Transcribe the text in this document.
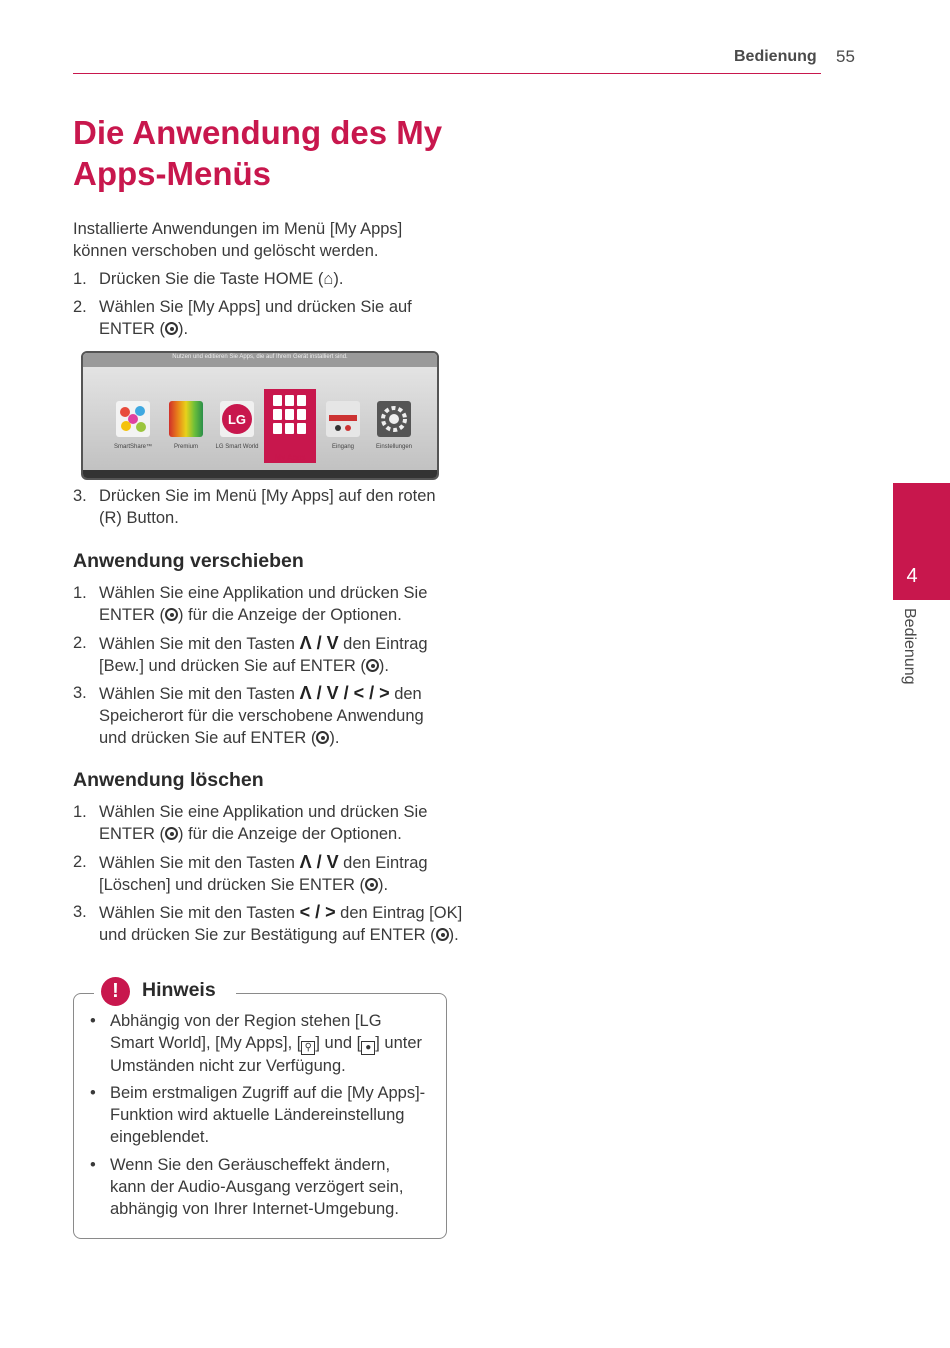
Bedienung 55
Die Anwendung des My Apps-Menüs

Installierte Anwendungen im Menü [My Apps] können verschoben und gelöscht werden.

1. Drücken Sie die Taste HOME (⌂).
2. Wählen Sie [My Apps] und drücken Sie auf ENTER ( ).
Nutzen und editieren Sie Apps, die auf Ihrem Gerät installiert sind.
LG
SmartShare™	Premium	LG Smart World
My Apps
Eingang	Einstellungen
3. Drücken Sie im Menü [My Apps] auf den roten (R) Button.
Anwendung verschieben
1. Wählen Sie eine Applikation und drücken Sie ENTER ( ) für die Anzeige der Optionen.
2. Wählen Sie mit den Tasten Λ / V den Eintrag [Bew.] und drücken Sie auf ENTER ( ).
3. Wählen Sie mit den Tasten Λ / V / < / > den Speicherort für die verschobene Anwendung und drücken Sie auf ENTER ( ).
Anwendung löschen
1. Wählen Sie eine Applikation und drücken Sie ENTER ( ) für die Anzeige der Optionen.
2. Wählen Sie mit den Tasten Λ / V den Eintrag [Löschen] und drücken Sie ENTER ( ).
3. Wählen Sie mit den Tasten < / > den Eintrag [OK] und drücken Sie zur Bestätigung auf ENTER ( ).
!	Hinweis
• Abhängig von der Region stehen [LG Smart World], [My Apps], [ ⚲ ] und [ ● ] unter Umständen nicht zur Verfügung.
• Beim erstmaligen Zugriff auf die [My Apps]-Funktion wird aktuelle Ländereinstellung eingeblendet.
• Wenn Sie den Geräuscheffekt ändern, kann der Audio-Ausgang verzögert sein, abhängig von Ihrer Internet-Umgebung.
4
Bedienung
